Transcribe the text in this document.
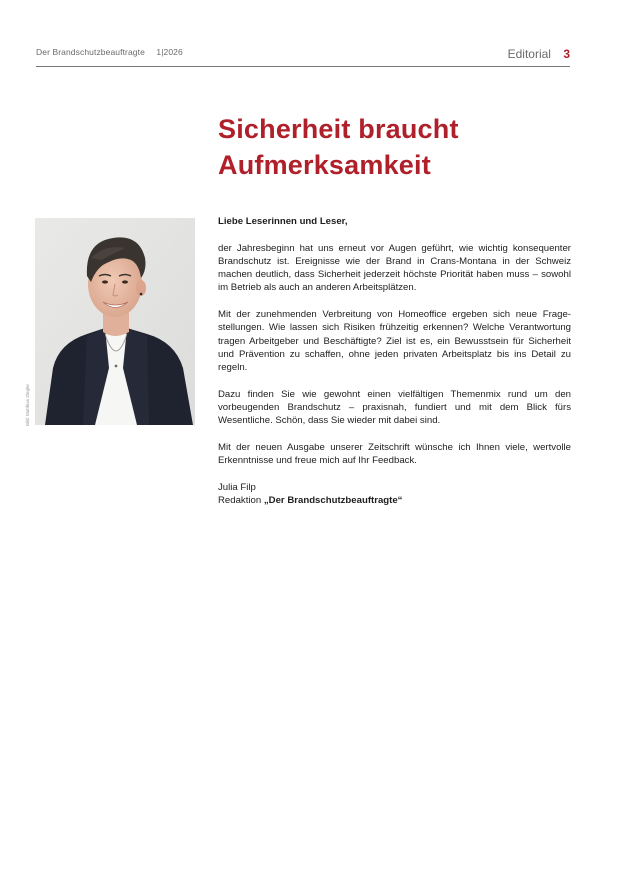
Der Brandschutzbeauftragte 1|2026	Editorial 3
Sicherheit braucht
Aufmerksamkeit
Bild: Matthias Ziegler

Liebe Leserinnen und Leser,

der Jahresbeginn hat uns erneut vor Augen geführt, wie wichtig konsequenter Brandschutz ist. Ereignisse wie der Brand in Crans-Montana in der Schweiz machen deutlich, dass Sicherheit jederzeit höchste Priorität haben muss – sowohl im Betrieb als auch an anderen Arbeitsplätzen.

Mit der zunehmenden Verbreitung von Homeoffice ergeben sich neue Fragestellungen. Wie lassen sich Risiken frühzeitig erkennen? Welche Verantwortung tragen Arbeitgeber und Beschäftigte? Ziel ist es, ein Bewusstsein für Sicherheit und Prävention zu schaffen, ohne jeden privaten Arbeitsplatz bis ins Detail zu regeln.

Dazu finden Sie wie gewohnt einen vielfältigen Themenmix rund um den vorbeugenden Brandschutz – praxisnah, fundiert und mit dem Blick fürs Wesentliche. Schön, dass Sie wieder mit dabei sind.

Mit der neuen Ausgabe unserer Zeitschrift wünsche ich Ihnen viele, wertvolle Erkenntnisse und freue mich auf Ihr Feedback.

Julia Filp
Redaktion „Der Brandschutzbeauftragte“
